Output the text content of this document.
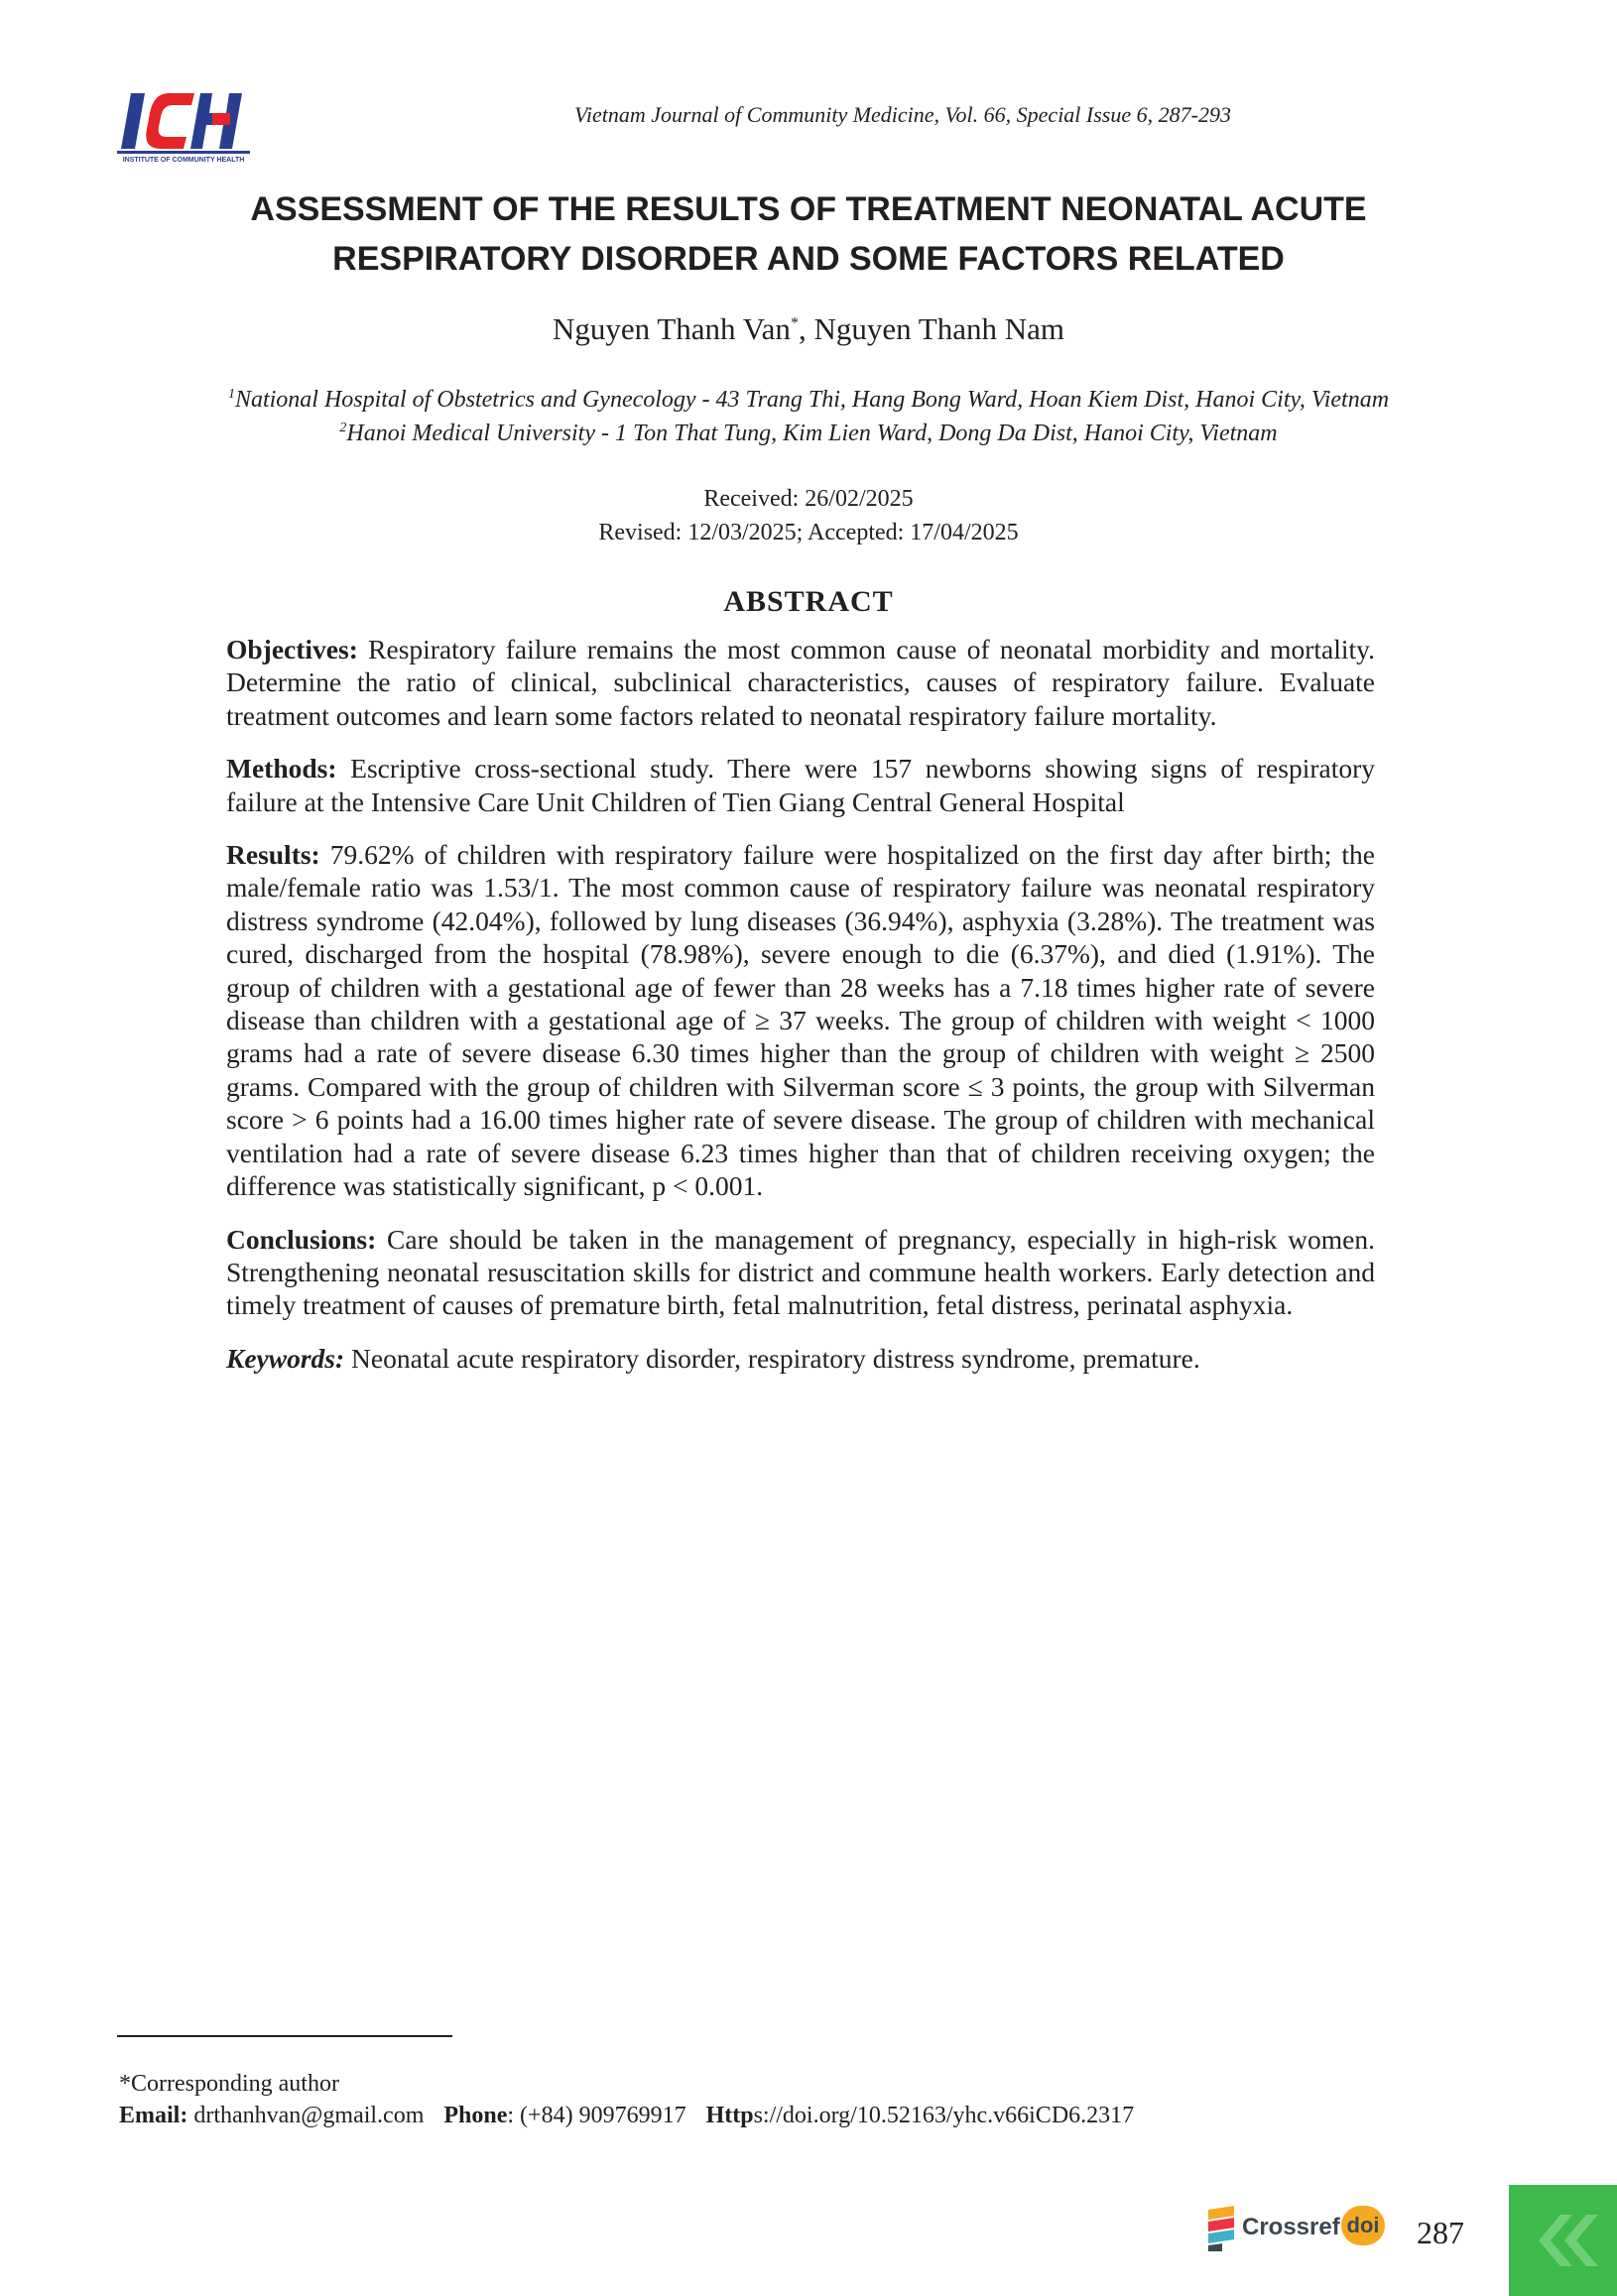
INSTITUTE OF COMMUNITY HEALTH
Vietnam Journal of Community Medicine, Vol. 66, Special Issue 6, 287-293
ASSESSMENT OF THE RESULTS OF TREATMENT NEONATAL ACUTE
RESPIRATORY DISORDER AND SOME FACTORS RELATED
Nguyen Thanh Van*, Nguyen Thanh Nam
$^1$National Hospital of Obstetrics and Gynecology - 43 Trang Thi, Hang Bong Ward, Hoan Kiem Dist, Hanoi City, Vietnam
$^2$Hanoi Medical University - 1 Ton That Tung, Kim Lien Ward, Dong Da Dist, Hanoi City, Vietnam
Received: 26/02/2025
Revised: 12/03/2025; Accepted: 17/04/2025
ABSTRACT

Objectives: Respiratory failure remains the most common cause of neonatal morbidity and mortality. Determine the ratio of clinical, subclinical characteristics, causes of respiratory failure. Evaluate treatment outcomes and learn some factors related to neonatal respiratory failure mortality.

Methods: Escriptive cross-sectional study. There were 157 newborns showing signs of respiratory failure at the Intensive Care Unit Children of Tien Giang Central General Hospital

Results: 79.62% of children with respiratory failure were hospitalized on the first day after birth; the male/female ratio was 1.53/1. The most common cause of respiratory failure was neonatal respiratory distress syndrome (42.04%), followed by lung diseases (36.94%), asphyxia (3.28%). The treatment was cured, discharged from the hospital (78.98%), severe enough to die (6.37%), and died (1.91%). The group of children with a gestational age of fewer than 28 weeks has a 7.18 times higher rate of severe disease than children with a gestational age of ≥ 37 weeks. The group of children with weight < 1000 grams had a rate of severe disease 6.30 times higher than the group of children with weight ≥ 2500 grams. Compared with the group of children with Silverman score ≤ 3 points, the group with Silverman score > 6 points had a 16.00 times higher rate of severe disease. The group of children with mechanical ventilation had a rate of severe disease 6.23 times higher than that of children receiving oxygen; the difference was statistically significant, p < 0.001.

Conclusions: Care should be taken in the management of pregnancy, especially in high-risk women. Strengthening neonatal resuscitation skills for district and commune health workers. Early detection and timely treatment of causes of premature birth, fetal malnutrition, fetal distress, perinatal asphyxia.

Keywords: Neonatal acute respiratory disorder, respiratory distress syndrome, premature.

*Corresponding author
Email: drthanhvan@gmail.com Phone: (+84) 909769917 Https://doi.org/10.52163/yhc.v66iCD6.2317
Crossref doi 287
